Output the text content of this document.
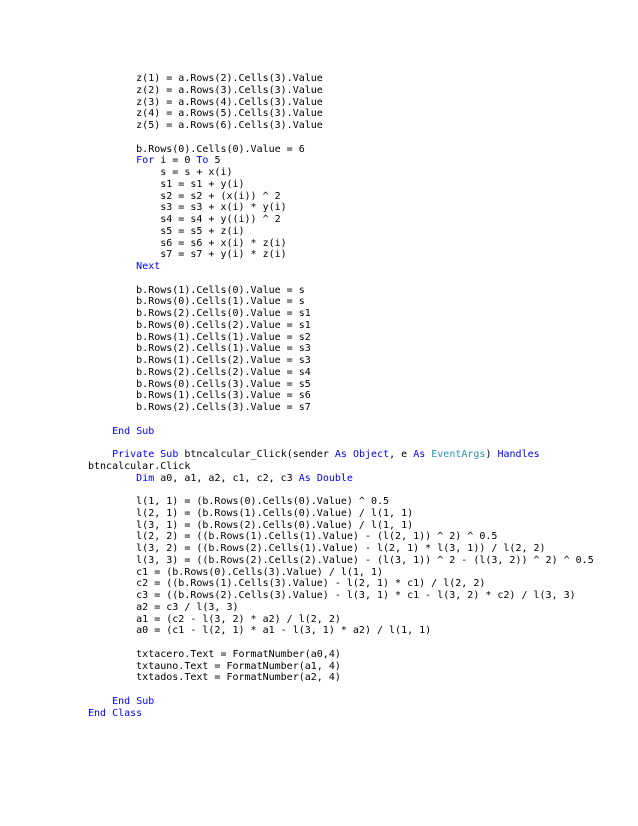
z(1) = a.Rows(2).Cells(3).Value
z(2) = a.Rows(3).Cells(3).Value
z(3) = a.Rows(4).Cells(3).Value
z(4) = a.Rows(5).Cells(3).Value
z(5) = a.Rows(6).Cells(3).Value

b.Rows(0).Cells(0).Value = 6
For i = 0 To 5
s = s + x(i)
s1 = s1 + y(i)
s2 = s2 + (x(i)) ^ 2
s3 = s3 + x(i) * y(i)
s4 = s4 + y((i)) ^ 2
s5 = s5 + z(i)
s6 = s6 + x(i) * z(i)
s7 = s7 + y(i) * z(i)
Next

b.Rows(1).Cells(0).Value = s
b.Rows(0).Cells(1).Value = s
b.Rows(2).Cells(0).Value = s1
b.Rows(0).Cells(2).Value = s1
b.Rows(1).Cells(1).Value = s2
b.Rows(2).Cells(1).Value = s3
b.Rows(1).Cells(2).Value = s3
b.Rows(2).Cells(2).Value = s4
b.Rows(0).Cells(3).Value = s5
b.Rows(1).Cells(3).Value = s6
b.Rows(2).Cells(3).Value = s7

End Sub

Private Sub btncalcular_Click(sender As Object, e As EventArgs) Handles
btncalcular.Click
Dim a0, a1, a2, c1, c2, c3 As Double

l(1, 1) = (b.Rows(0).Cells(0).Value) ^ 0.5
l(2, 1) = (b.Rows(1).Cells(0).Value) / l(1, 1)
l(3, 1) = (b.Rows(2).Cells(0).Value) / l(1, 1)
l(2, 2) = ((b.Rows(1).Cells(1).Value) - (l(2, 1)) ^ 2) ^ 0.5
l(3, 2) = ((b.Rows(2).Cells(1).Value) - l(2, 1) * l(3, 1)) / l(2, 2)
l(3, 3) = ((b.Rows(2).Cells(2).Value) - (l(3, 1)) ^ 2 - (l(3, 2)) ^ 2) ^ 0.5
c1 = (b.Rows(0).Cells(3).Value) / l(1, 1)
c2 = ((b.Rows(1).Cells(3).Value) - l(2, 1) * c1) / l(2, 2)
c3 = ((b.Rows(2).Cells(3).Value) - l(3, 1) * c1 - l(3, 2) * c2) / l(3, 3)
a2 = c3 / l(3, 3)
a1 = (c2 - l(3, 2) * a2) / l(2, 2)
a0 = (c1 - l(2, 1) * a1 - l(3, 1) * a2) / l(1, 1)

txtacero.Text = FormatNumber(a0,4)
txtauno.Text = FormatNumber(a1, 4)
txtados.Text = FormatNumber(a2, 4)

End Sub
End Class
